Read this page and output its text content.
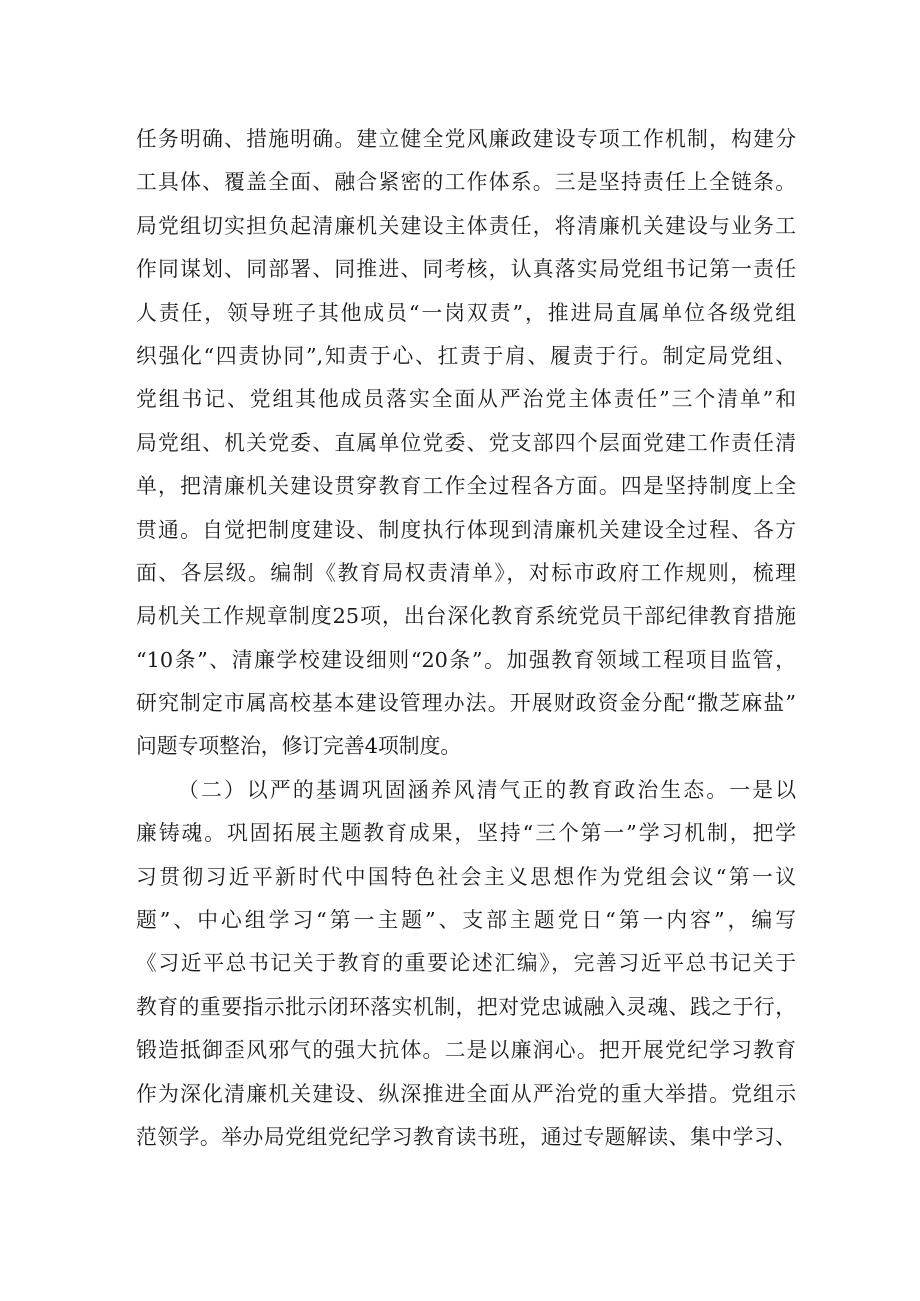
任务明确、措施明确。建立健全党风廉政建设专项工作机制，构建分
工具体、覆盖全面、融合紧密的工作体系。三是坚持责任上全链条。
局党组切实担负起清廉机关建设主体责任，将清廉机关建设与业务工
作同谋划、同部署、同推进、同考核，认真落实局党组书记第一责任
人责任，领导班子其他成员“一岗双责”，推进局直属单位各级党组
织强化“四责协同”,知责于心、扛责于肩、履责于行。制定局党组、
党组书记、党组其他成员落实全面从严治党主体责任”三个清单”和
局党组、机关党委、直属单位党委、党支部四个层面党建工作责任清
单，把清廉机关建设贯穿教育工作全过程各方面。四是坚持制度上全
贯通。自觉把制度建设、制度执行体现到清廉机关建设全过程、各方
面、各层级。编制《教育局权责清单》，对标市政府工作规则，梳理
局机关工作规章制度25项，出台深化教育系统党员干部纪律教育措施
“10条”、清廉学校建设细则“20条”。加强教育领域工程项目监管，
研究制定市属高校基本建设管理办法。开展财政资金分配“撒芝麻盐”
问题专项整治，修订完善4项制度。
（二）以严的基调巩固涵养风清气正的教育政治生态。一是以
廉铸魂。巩固拓展主题教育成果，坚持“三个第一”学习机制，把学
习贯彻习近平新时代中国特色社会主义思想作为党组会议“第一议
题”、中心组学习“第一主题”、支部主题党日“第一内容”，编写
《习近平总书记关于教育的重要论述汇编》，完善习近平总书记关于
教育的重要指示批示闭环落实机制，把对党忠诚融入灵魂、践之于行，
锻造抵御歪风邪气的强大抗体。二是以廉润心。把开展党纪学习教育
作为深化清廉机关建设、纵深推进全面从严治党的重大举措。党组示
范领学。举办局党组党纪学习教育读书班，通过专题解读、集中学习、
